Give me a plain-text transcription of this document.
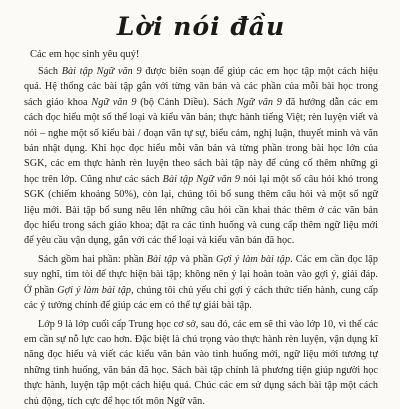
Lời nói đầu
Các em học sinh yêu quý!

Sách Bài tập Ngữ văn 9 được biên soạn để giúp các em học tập một cách hiệu quả. Hệ thống các bài tập gắn với từng văn bản và các phần của mỗi bài học trong sách giáo khoa Ngữ văn 9 (bộ Cánh Diều). Sách Ngữ văn 9 đã hướng dẫn các em cách đọc hiểu một số thể loại và kiểu văn bản; thực hành tiếng Việt; rèn luyện viết và nói – nghe một số kiểu bài / đoạn văn tự sự, biểu cảm, nghị luận, thuyết minh và văn bản nhật dụng. Khi học đọc hiểu mỗi văn bản và từng phần trong bài học lớn của SGK, các em thực hành rèn luyện theo sách bài tập này để củng cố thêm những gì học trên lớp. Cũng như các sách Bài tập Ngữ văn 9 nói lại một số câu hỏi khó trong SGK (chiếm khoảng 50%), còn lại, chúng tôi bổ sung thêm câu hỏi và một số ngữ liệu mới. Bài tập bổ sung nêu lên những câu hỏi cần khai thác thêm ở các văn bản đọc hiểu trong sách giáo khoa; đặt ra các tình huống và cung cấp thêm ngữ liệu mới để yêu cầu vận dụng, gắn với các thể loại và kiểu văn bản đã học.

Sách gồm hai phần: phần Bài tập và phần Gợi ý làm bài tập. Các em cần đọc lập suy nghĩ, tìm tòi để thực hiện bài tập; không nên ỷ lại hoàn toàn vào gợi ý, giải đáp. Ở phần Gợi ý làm bài tập, chúng tôi chủ yếu chỉ gợi ý cách thức tiến hành, cung cấp các ý tưởng chính để giúp các em có thể tự giải bài tập.

Lớp 9 là lớp cuối cấp Trung học cơ sở, sau đó, các em sẽ thi vào lớp 10, vì thế các em cần sự nỗ lực cao hơn. Đặc biệt là chú trọng vào thực hành rèn luyện, vận dụng kĩ năng đọc hiểu và viết các kiểu văn bản vào tình huống mới, ngữ liệu mới tương tự những tình huống, văn bản đã học. Sách bài tập chính là phương tiện giúp người học thực hành, luyện tập một cách hiệu quả. Chúc các em sử dụng sách bài tập một cách chủ động, tích cực để học tốt môn Ngữ văn.
